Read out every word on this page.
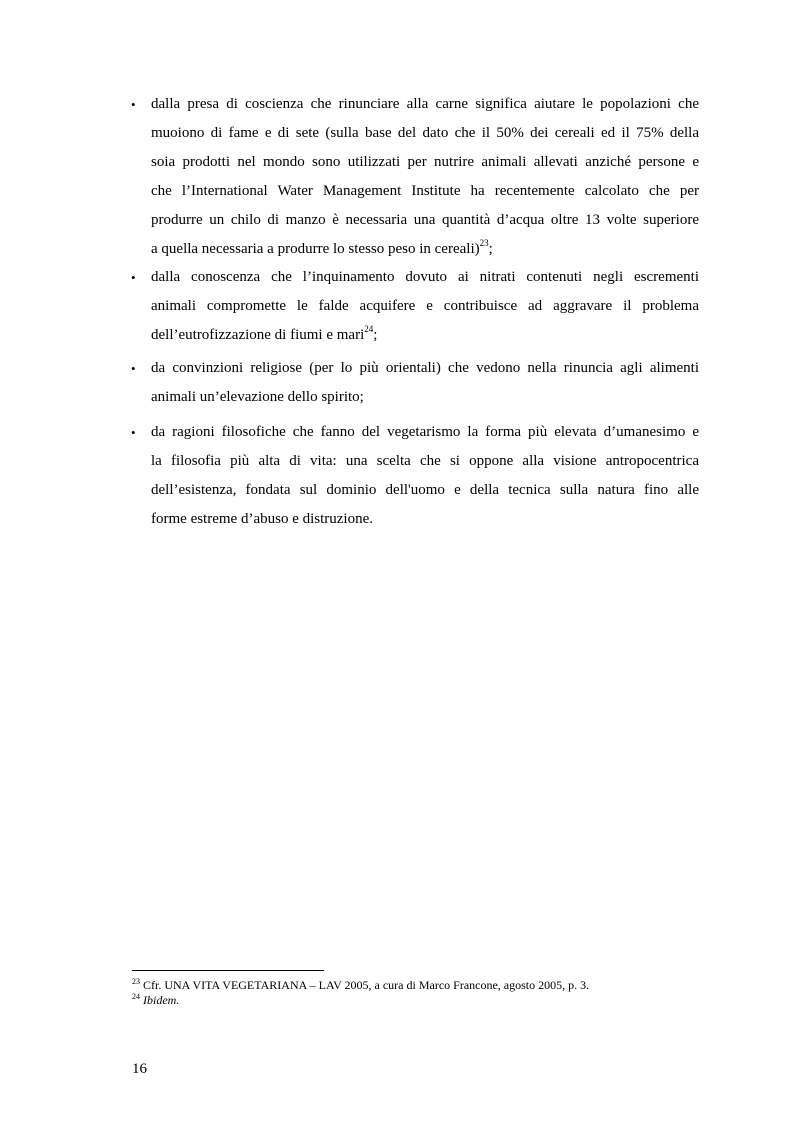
• dalla presa di coscienza che rinunciare alla carne significa aiutare le popolazioni che
muoiono di fame e di sete (sulla base del dato che il 50% dei cereali ed il 75% della
soia prodotti nel mondo sono utilizzati per nutrire animali allevati anziché persone e
che l’International Water Management Institute ha recentemente calcolato che per
produrre un chilo di manzo è necessaria una quantità d’acqua oltre 13 volte superiore
a quella necessaria a produrre lo stesso peso in cereali)$^{23}$;
• dalla conoscenza che l’inquinamento dovuto ai nitrati contenuti negli escrementi
animali compromette le falde acquifere e contribuisce ad aggravare il problema
dell’eutrofizzazione di fiumi e mari$^{24}$;
• da convinzioni religiose (per lo più orientali) che vedono nella rinuncia agli alimenti
animali un’elevazione dello spirito;
• da ragioni filosofiche che fanno del vegetarismo la forma più elevata d’umanesimo e
la filosofia più alta di vita: una scelta che si oppone alla visione antropocentrica
dell’esistenza, fondata sul dominio dell'uomo e della tecnica sulla natura fino alle
forme estreme d’abuso e distruzione.
$^{23}$ Cfr. UNA VITA VEGETARIANA – LAV 2005, a cura di Marco Francone, agosto 2005, p. 3.
$^{24}$ Ibidem.
16
